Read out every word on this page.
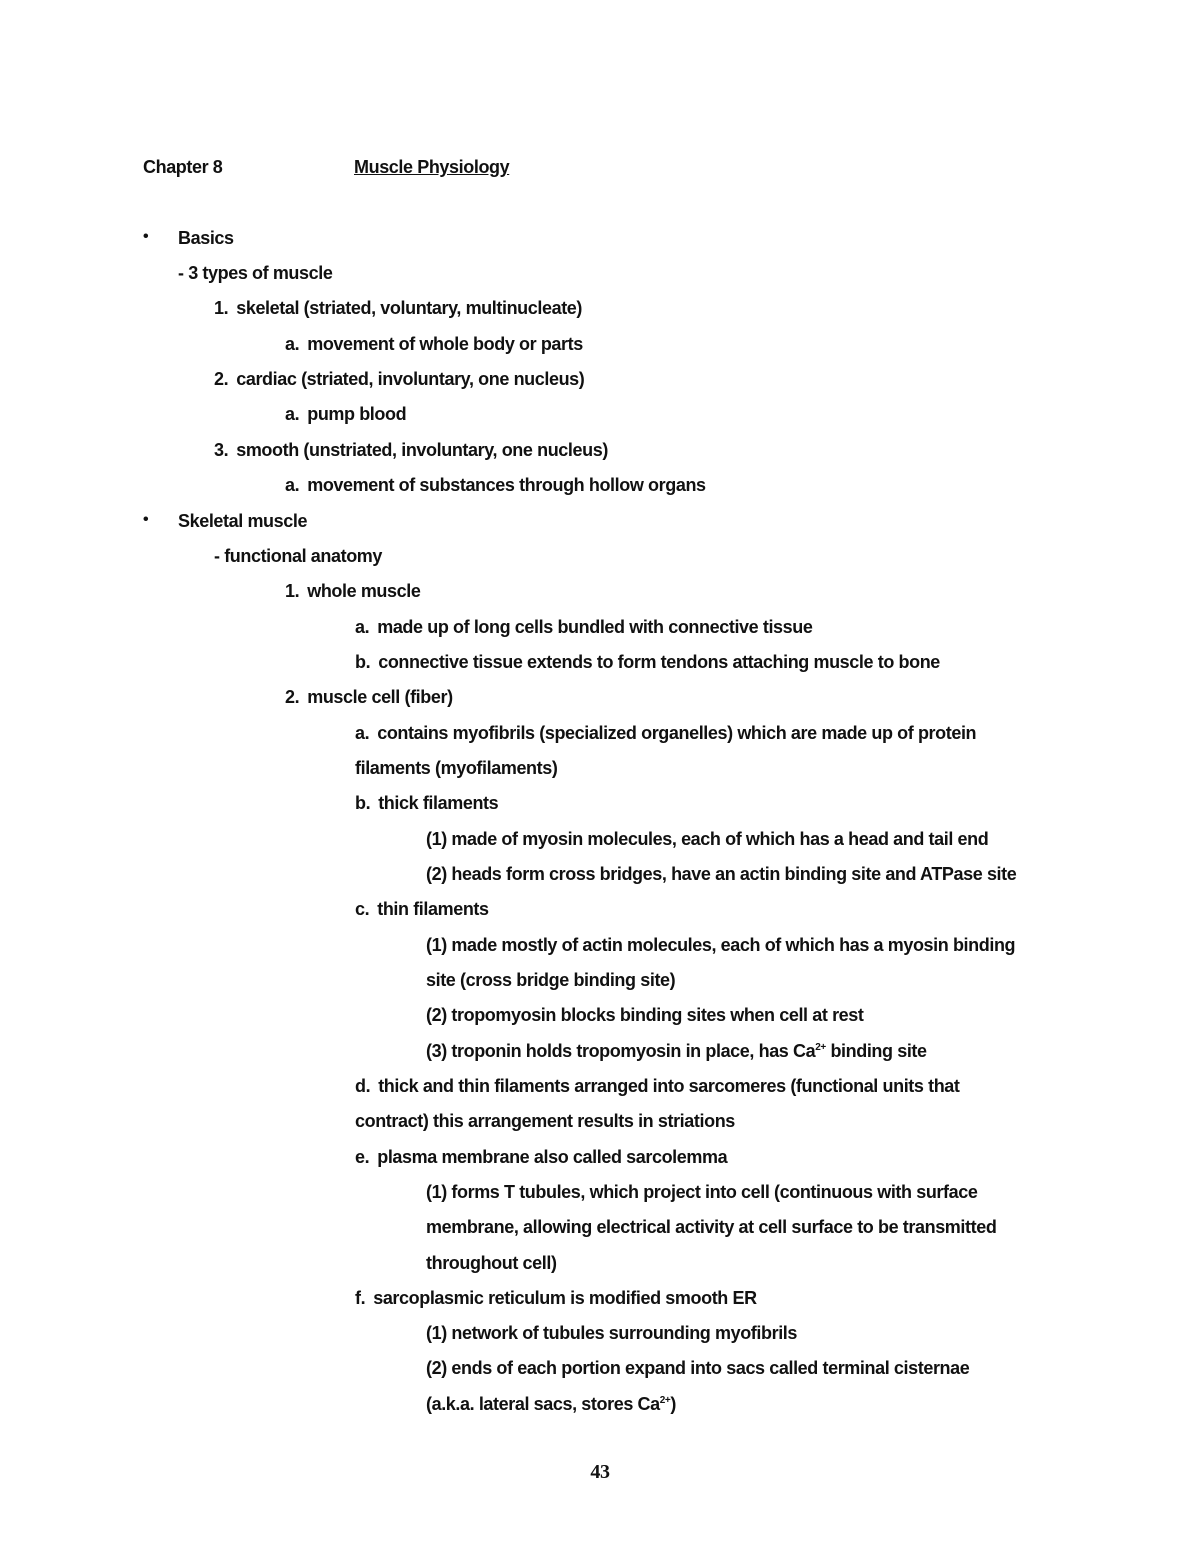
Chapter 8	Muscle Physiology
• Basics
- 3 types of muscle
1. skeletal (striated, voluntary, multinucleate)
a. movement of whole body or parts
2. cardiac (striated, involuntary, one nucleus)
a. pump blood
3. smooth (unstriated, involuntary, one nucleus)
a. movement of substances through hollow organs
• Skeletal muscle
- functional anatomy
1. whole muscle
a. made up of long cells bundled with connective tissue
b. connective tissue extends to form tendons attaching muscle to bone
2. muscle cell (fiber)
a. contains myofibrils (specialized organelles) which are made up of protein
filaments (myofilaments)
b. thick filaments
(1) made of myosin molecules, each of which has a head and tail end
(2) heads form cross bridges, have an actin binding site and ATPase site
c. thin filaments
(1) made mostly of actin molecules, each of which has a myosin binding
site (cross bridge binding site)
(2) tropomyosin blocks binding sites when cell at rest
(3) troponin holds tropomyosin in place, has $Ca^{2+}$ binding site
d. thick and thin filaments arranged into sarcomeres (functional units that
contract) this arrangement results in striations
e. plasma membrane also called sarcolemma
(1) forms T tubules, which project into cell (continuous with surface
membrane, allowing electrical activity at cell surface to be transmitted
throughout cell)
f. sarcoplasmic reticulum is modified smooth ER
(1) network of tubules surrounding myofibrils
(2) ends of each portion expand into sacs called terminal cisternae
(a.k.a. lateral sacs, stores $Ca^{2+}$)
43
